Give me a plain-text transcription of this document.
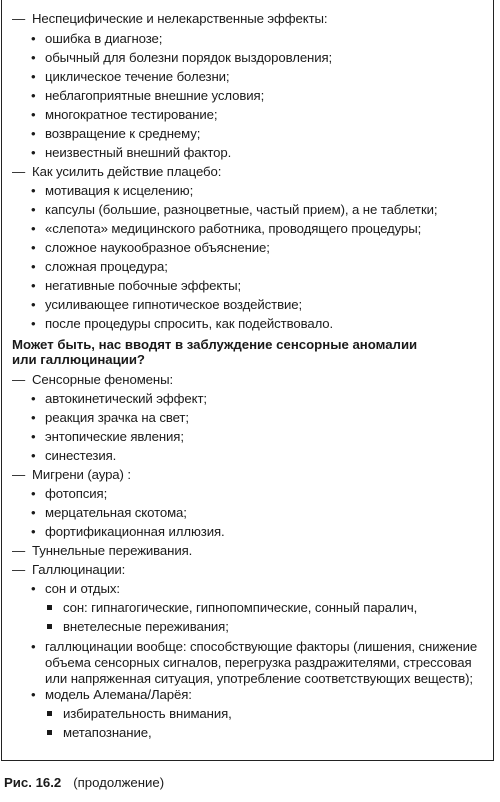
Может быть, нас вводят в заблуждение сенсорные аномалии
или галлюцинации?
— Неспецифические и нелекарственные эффекты:
• ошибка в диагнозе;
• обычный для болезни порядок выздоровления;
• циклическое течение болезни;
• неблагоприятные внешние условия;
• многократное тестирование;
• возвращение к среднему;
• неизвестный внешний фактор.
— Как усилить действие плацебо:
• мотивация к исцелению;
• капсулы (большие, разноцветные, частый прием), а не таблетки;
• «слепота» медицинского работника, проводящего процедуры;
• сложное наукообразное объяснение;
• сложная процедура;
• негативные побочные эффекты;
• усиливающее гипнотическое воздействие;
• после процедуры спросить, как подействовало.
— Сенсорные феномены:
• автокинетический эффект;
• реакция зрачка на свет;
• энтопические явления;
• синестезия.
— Мигрени (аура) :
• фотопсия;
• мерцательная скотома;
• фортификационная иллюзия.
— Туннельные переживания.
— Галлюцинации:
• сон и отдых:
сон: гипнагогические, гипнопомпические, сонный паралич,
внетелесные переживания;
• галлюцинации вообще: способствующие факторы (лишения, снижение
объема сенсорных сигналов, перегрузка раздражителями, стрессовая
или напряженная ситуация, употребление соответствующих веществ);
• модель Алемана/Ларёя:
избирательность внимания,
метапознание,
Рис. 16.2 (продолжение)
